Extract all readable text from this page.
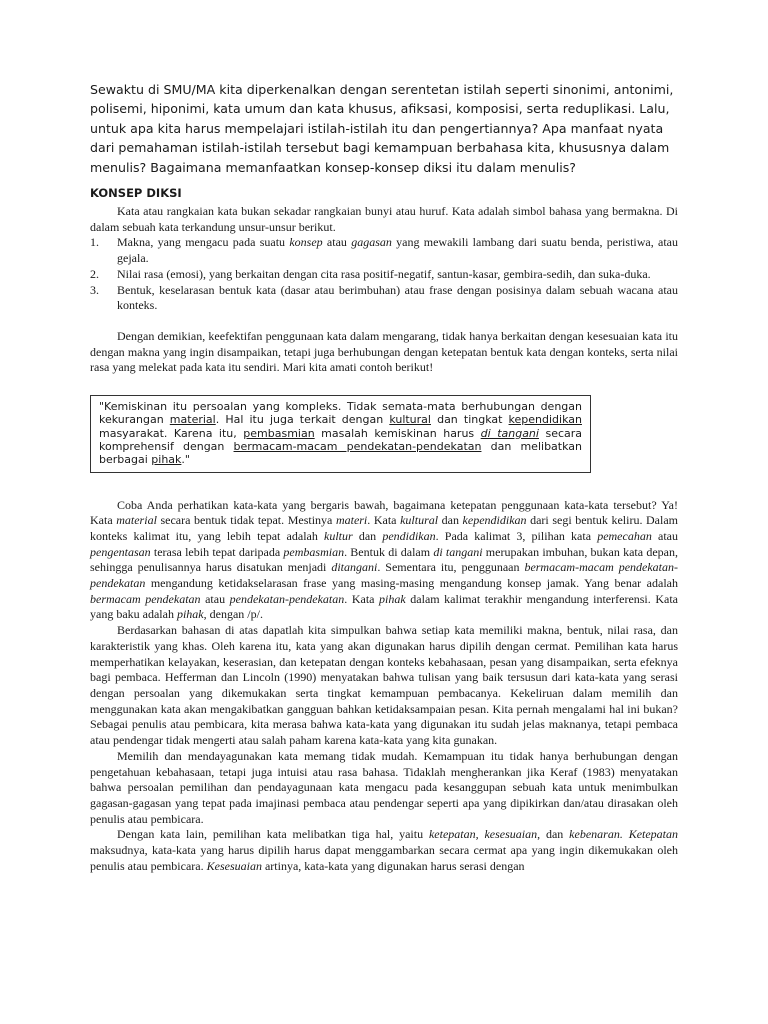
Sewaktu di SMU/MA kita diperkenalkan dengan serentetan istilah seperti sinonimi, antonimi, polisemi, hiponimi, kata umum dan kata khusus, afiksasi, komposisi, serta reduplikasi. Lalu, untuk apa kita harus mempelajari istilah-istilah itu dan pengertiannya? Apa manfaat nyata dari pemahaman istilah-istilah tersebut bagi kemampuan berbahasa kita, khususnya dalam menulis? Bagaimana memanfaatkan konsep-konsep diksi itu dalam menulis?

KONSEP DIKSI

Kata atau rangkaian kata bukan sekadar rangkaian bunyi atau huruf. Kata adalah simbol bahasa yang bermakna. Di dalam sebuah kata terkandung unsur-unsur berikut.

1. Makna, yang mengacu pada suatu konsep atau gagasan yang mewakili lambang dari suatu benda, peristiwa, atau gejala.
2. Nilai rasa (emosi), yang berkaitan dengan cita rasa positif-negatif, santun-kasar, gembira-sedih, dan suka-duka.
3. Bentuk, keselarasan bentuk kata (dasar atau berimbuhan) atau frase dengan posisinya dalam sebuah wacana atau konteks.

Dengan demikian, keefektifan penggunaan kata dalam mengarang, tidak hanya berkaitan dengan kesesuaian kata itu dengan makna yang ingin disampaikan, tetapi juga berhubungan dengan ketepatan bentuk kata dengan konteks, serta nilai rasa yang melekat pada kata itu sendiri. Mari kita amati contoh berikut!

"Kemiskinan itu persoalan yang kompleks. Tidak semata-mata berhubungan dengan kekurangan material. Hal itu juga terkait dengan kultural dan tingkat kependidikan masyarakat. Karena itu, pembasmian masalah kemiskinan harus di tangani secara komprehensif dengan bermacam-macam pendekatan-pendekatan dan melibatkan berbagai pihak."

Coba Anda perhatikan kata-kata yang bergaris bawah, bagaimana ketepatan penggunaan kata-kata tersebut? Ya! Kata material secara bentuk tidak tepat. Mestinya materi. Kata kultural dan kependidikan dari segi bentuk keliru. Dalam konteks kalimat itu, yang lebih tepat adalah kultur dan pendidikan. Pada kalimat 3, pilihan kata pemecahan atau pengentasan terasa lebih tepat daripada pembasmian. Bentuk di dalam di tangani merupakan imbuhan, bukan kata depan, sehingga penulisannya harus disatukan menjadi ditangani. Sementara itu, penggunaan bermacam-macam pendekatan-pendekatan mengandung ketidakselarasan frase yang masing-masing mengandung konsep jamak. Yang benar adalah bermacam pendekatan atau pendekatan-pendekatan. Kata pihak dalam kalimat terakhir mengandung interferensi. Kata yang baku adalah pihak, dengan /p/.

Berdasarkan bahasan di atas dapatlah kita simpulkan bahwa setiap kata memiliki makna, bentuk, nilai rasa, dan karakteristik yang khas. Oleh karena itu, kata yang akan digunakan harus dipilih dengan cermat. Pemilihan kata harus memperhatikan kelayakan, keserasian, dan ketepatan dengan konteks kebahasaan, pesan yang disampaikan, serta efeknya bagi pembaca. Hefferman dan Lincoln (1990) menyatakan bahwa tulisan yang baik tersusun dari kata-kata yang serasi dengan persoalan yang dikemukakan serta tingkat kemampuan pembacanya. Kekeliruan dalam memilih dan menggunakan kata akan mengakibatkan gangguan bahkan ketidaksampaian pesan. Kita pernah mengalami hal ini bukan? Sebagai penulis atau pembicara, kita merasa bahwa kata-kata yang digunakan itu sudah jelas maknanya, tetapi pembaca atau pendengar tidak mengerti atau salah paham karena kata-kata yang kita gunakan.

Memilih dan mendayagunakan kata memang tidak mudah. Kemampuan itu tidak hanya berhubungan dengan pengetahuan kebahasaan, tetapi juga intuisi atau rasa bahasa. Tidaklah mengherankan jika Keraf (1983) menyatakan bahwa persoalan pemilihan dan pendayagunaan kata mengacu pada kesanggupan sebuah kata untuk menimbulkan gagasan-gagasan yang tepat pada imajinasi pembaca atau pendengar seperti apa yang dipikirkan dan/atau dirasakan oleh penulis atau pembicara.

Dengan kata lain, pemilihan kata melibatkan tiga hal, yaitu ketepatan, kesesuaian, dan kebenaran. Ketepatan maksudnya, kata-kata yang harus dipilih harus dapat menggambarkan secara cermat apa yang ingin dikemukakan oleh penulis atau pembicara. Kesesuaian artinya, kata-kata yang digunakan harus serasi dengan
